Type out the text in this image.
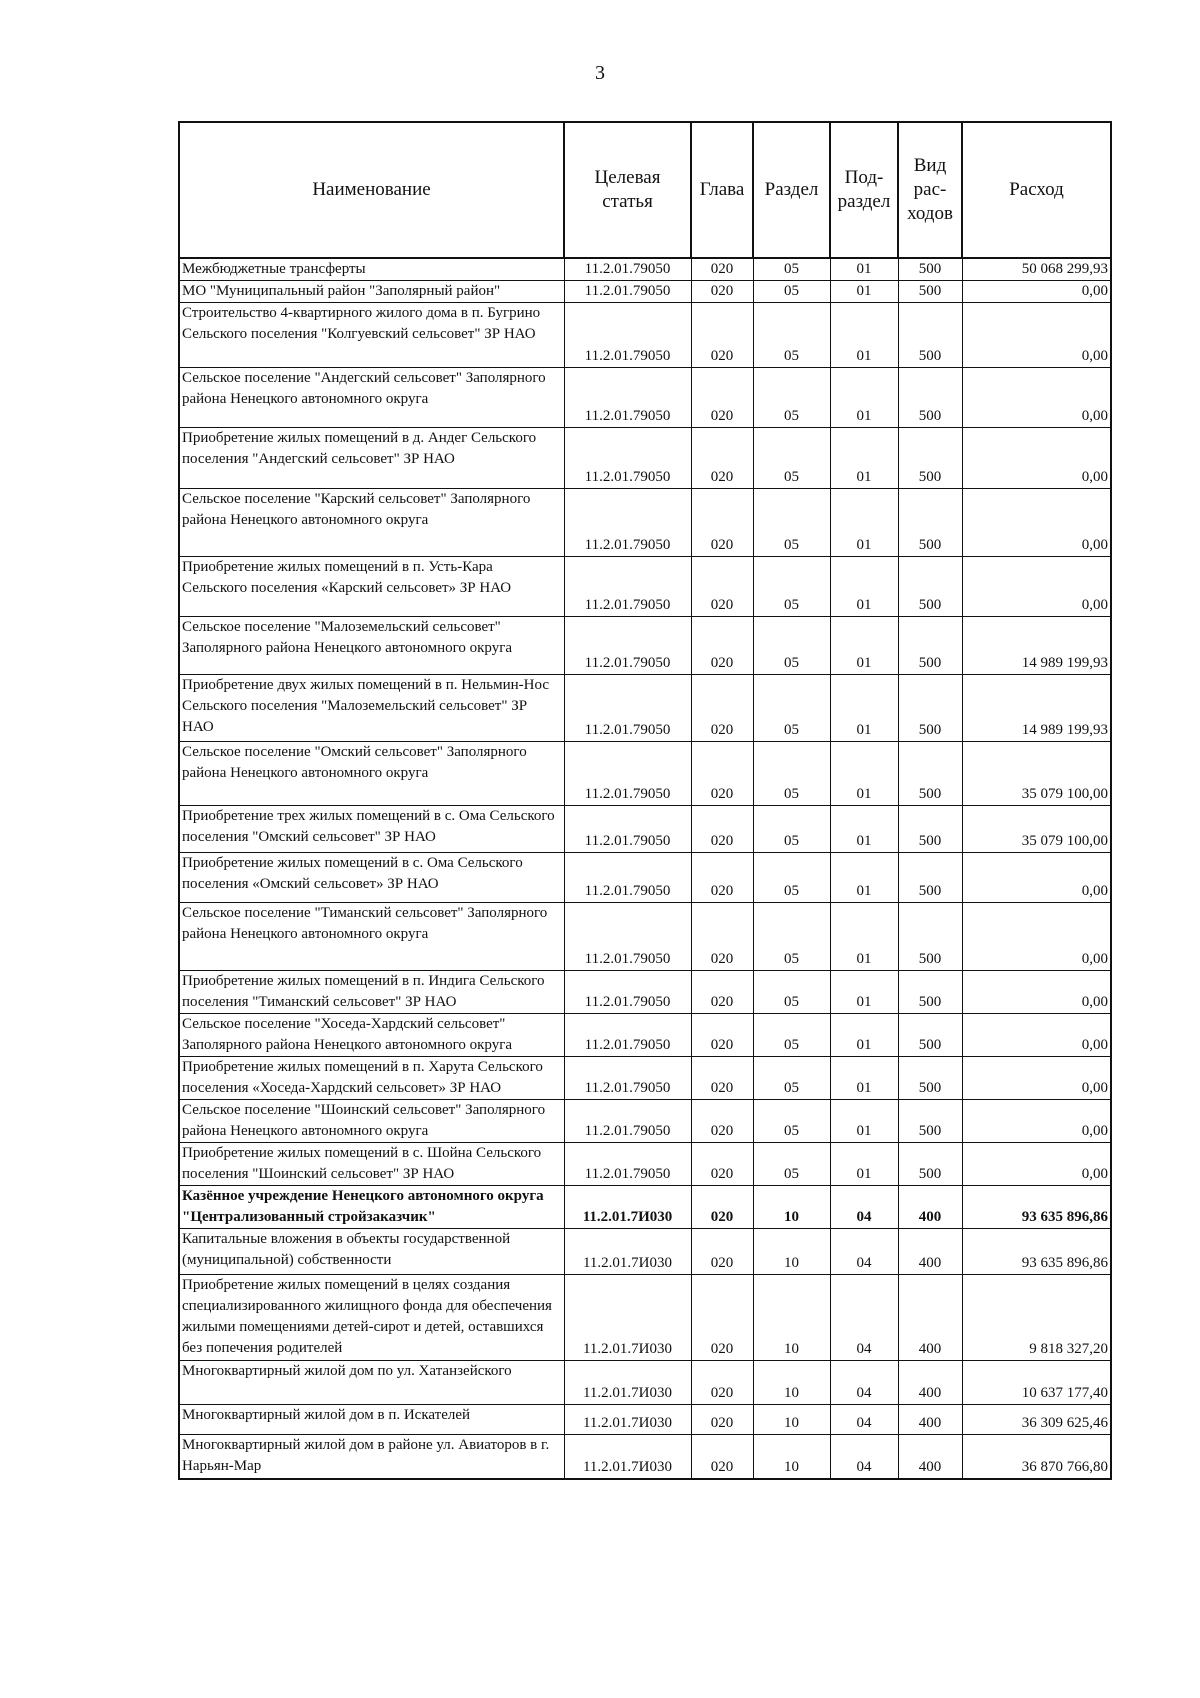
3
Наименование	Целевая статья	Глава	Раздел	Под-раздел	Вид рас-ходов	Расход
Межбюджетные трансферты	11.2.01.79050	020	05	01	500	50 068 299,93
МО "Муниципальный район "Заполярный район"	11.2.01.79050	020	05	01	500	0,00
Строительство 4-квартирного жилого дома в п. Бугрино Сельского поселения "Колгуевский сельсовет" ЗР НАО	11.2.01.79050	020	05	01	500	0,00
Сельское поселение "Андегский сельсовет" Заполярного района Ненецкого автономного округа	11.2.01.79050	020	05	01	500	0,00
Приобретение жилых помещений в д. Андег Сельского поселения "Андегский сельсовет" ЗР НАО	11.2.01.79050	020	05	01	500	0,00
Сельское поселение "Карский сельсовет" Заполярного района Ненецкого автономного округа	11.2.01.79050	020	05	01	500	0,00
Приобретение жилых помещений в п. Усть-Кара Сельского поселения «Карский сельсовет» ЗР НАО	11.2.01.79050	020	05	01	500	0,00
Сельское поселение "Малоземельский сельсовет" Заполярного района Ненецкого автономного округа	11.2.01.79050	020	05	01	500	14 989 199,93
Приобретение двух жилых помещений в п. Нельмин-Нос Сельского поселения "Малоземельский сельсовет" ЗР НАО	11.2.01.79050	020	05	01	500	14 989 199,93
Сельское поселение "Омский сельсовет" Заполярного района Ненецкого автономного округа	11.2.01.79050	020	05	01	500	35 079 100,00
Приобретение трех жилых помещений в с. Ома Сельского поселения "Омский сельсовет" ЗР НАО	11.2.01.79050	020	05	01	500	35 079 100,00
Приобретение жилых помещений в с. Ома Сельского поселения «Омский сельсовет» ЗР НАО	11.2.01.79050	020	05	01	500	0,00
Сельское поселение "Тиманский сельсовет" Заполярного района Ненецкого автономного округа	11.2.01.79050	020	05	01	500	0,00
Приобретение жилых помещений в п. Индига Сельского поселения "Тиманский сельсовет" ЗР НАО	11.2.01.79050	020	05	01	500	0,00
Сельское поселение "Хоседа-Хардский сельсовет" Заполярного района Ненецкого автономного округа	11.2.01.79050	020	05	01	500	0,00
Приобретение жилых помещений в п. Харута Сельского поселения «Хоседа-Хардский сельсовет» ЗР НАО	11.2.01.79050	020	05	01	500	0,00
Сельское поселение "Шоинский сельсовет" Заполярного района Ненецкого автономного округа	11.2.01.79050	020	05	01	500	0,00
Приобретение жилых помещений в с. Шойна Сельского поселения "Шоинский сельсовет" ЗР НАО	11.2.01.79050	020	05	01	500	0,00
Казённое учреждение Ненецкого автономного округа "Централизованный стройзаказчик"	11.2.01.7И030	020	10	04	400	93 635 896,86
Капитальные вложения в объекты государственной (муниципальной) собственности	11.2.01.7И030	020	10	04	400	93 635 896,86
Приобретение жилых помещений в целях создания специализированного жилищного фонда для обеспечения жилыми помещениями детей-сирот и детей, оставшихся без попечения родителей	11.2.01.7И030	020	10	04	400	9 818 327,20
Многоквартирный жилой дом по ул. Хатанзейского	11.2.01.7И030	020	10	04	400	10 637 177,40
Многоквартирный жилой дом в п. Искателей	11.2.01.7И030	020	10	04	400	36 309 625,46
Многоквартирный жилой дом в районе ул. Авиаторов в г. Нарьян-Мар	11.2.01.7И030	020	10	04	400	36 870 766,80
